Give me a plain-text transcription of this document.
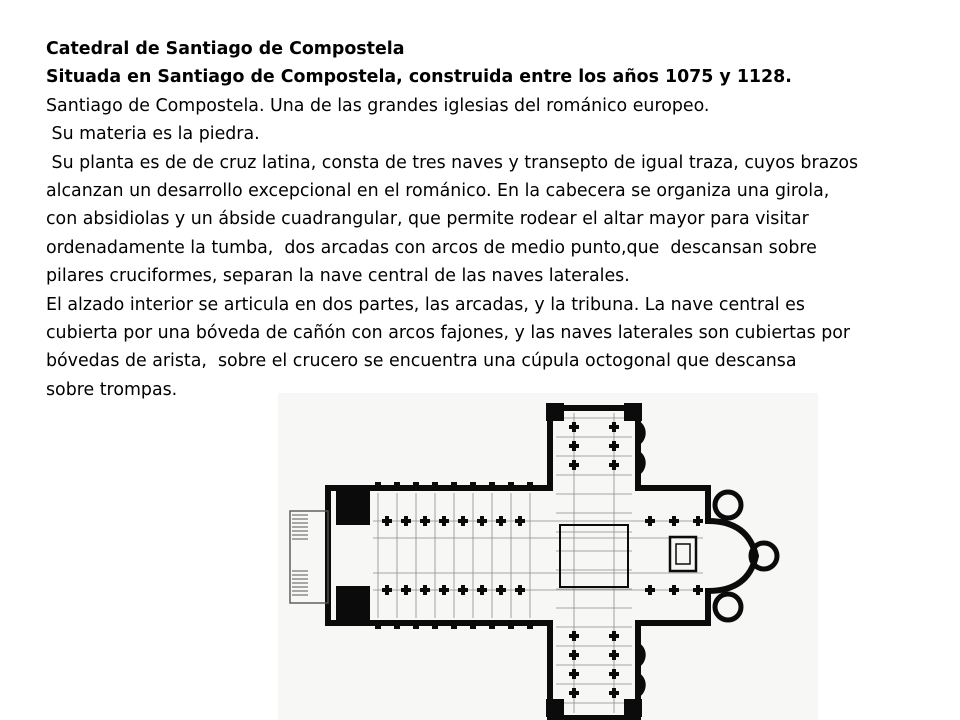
Catedral de Santiago de Compostela

Situada en Santiago de Compostela, construida entre los años 1075 y 1128.

Santiago de Compostela. Una de las grandes iglesias del románico europeo.

Su materia es la piedra.

Su planta es de de cruz latina, consta de tres naves y transepto de igual traza, cuyos brazos

alcanzan un desarrollo excepcional en el románico. En la cabecera se organiza una girola,

con absidiolas y un ábside cuadrangular, que permite rodear el altar mayor para visitar

ordenadamente la tumba,  dos arcadas con arcos de medio punto,que  descansan sobre

pilares cruciformes, separan la nave central de las naves laterales.

El alzado interior se articula en dos partes, las arcadas, y la tribuna. La nave central es

cubierta por una bóveda de cañón con arcos fajones, y las naves laterales son cubiertas por

bóvedas de arista,  sobre el crucero se encuentra una cúpula octogonal que descansa

sobre trompas.
